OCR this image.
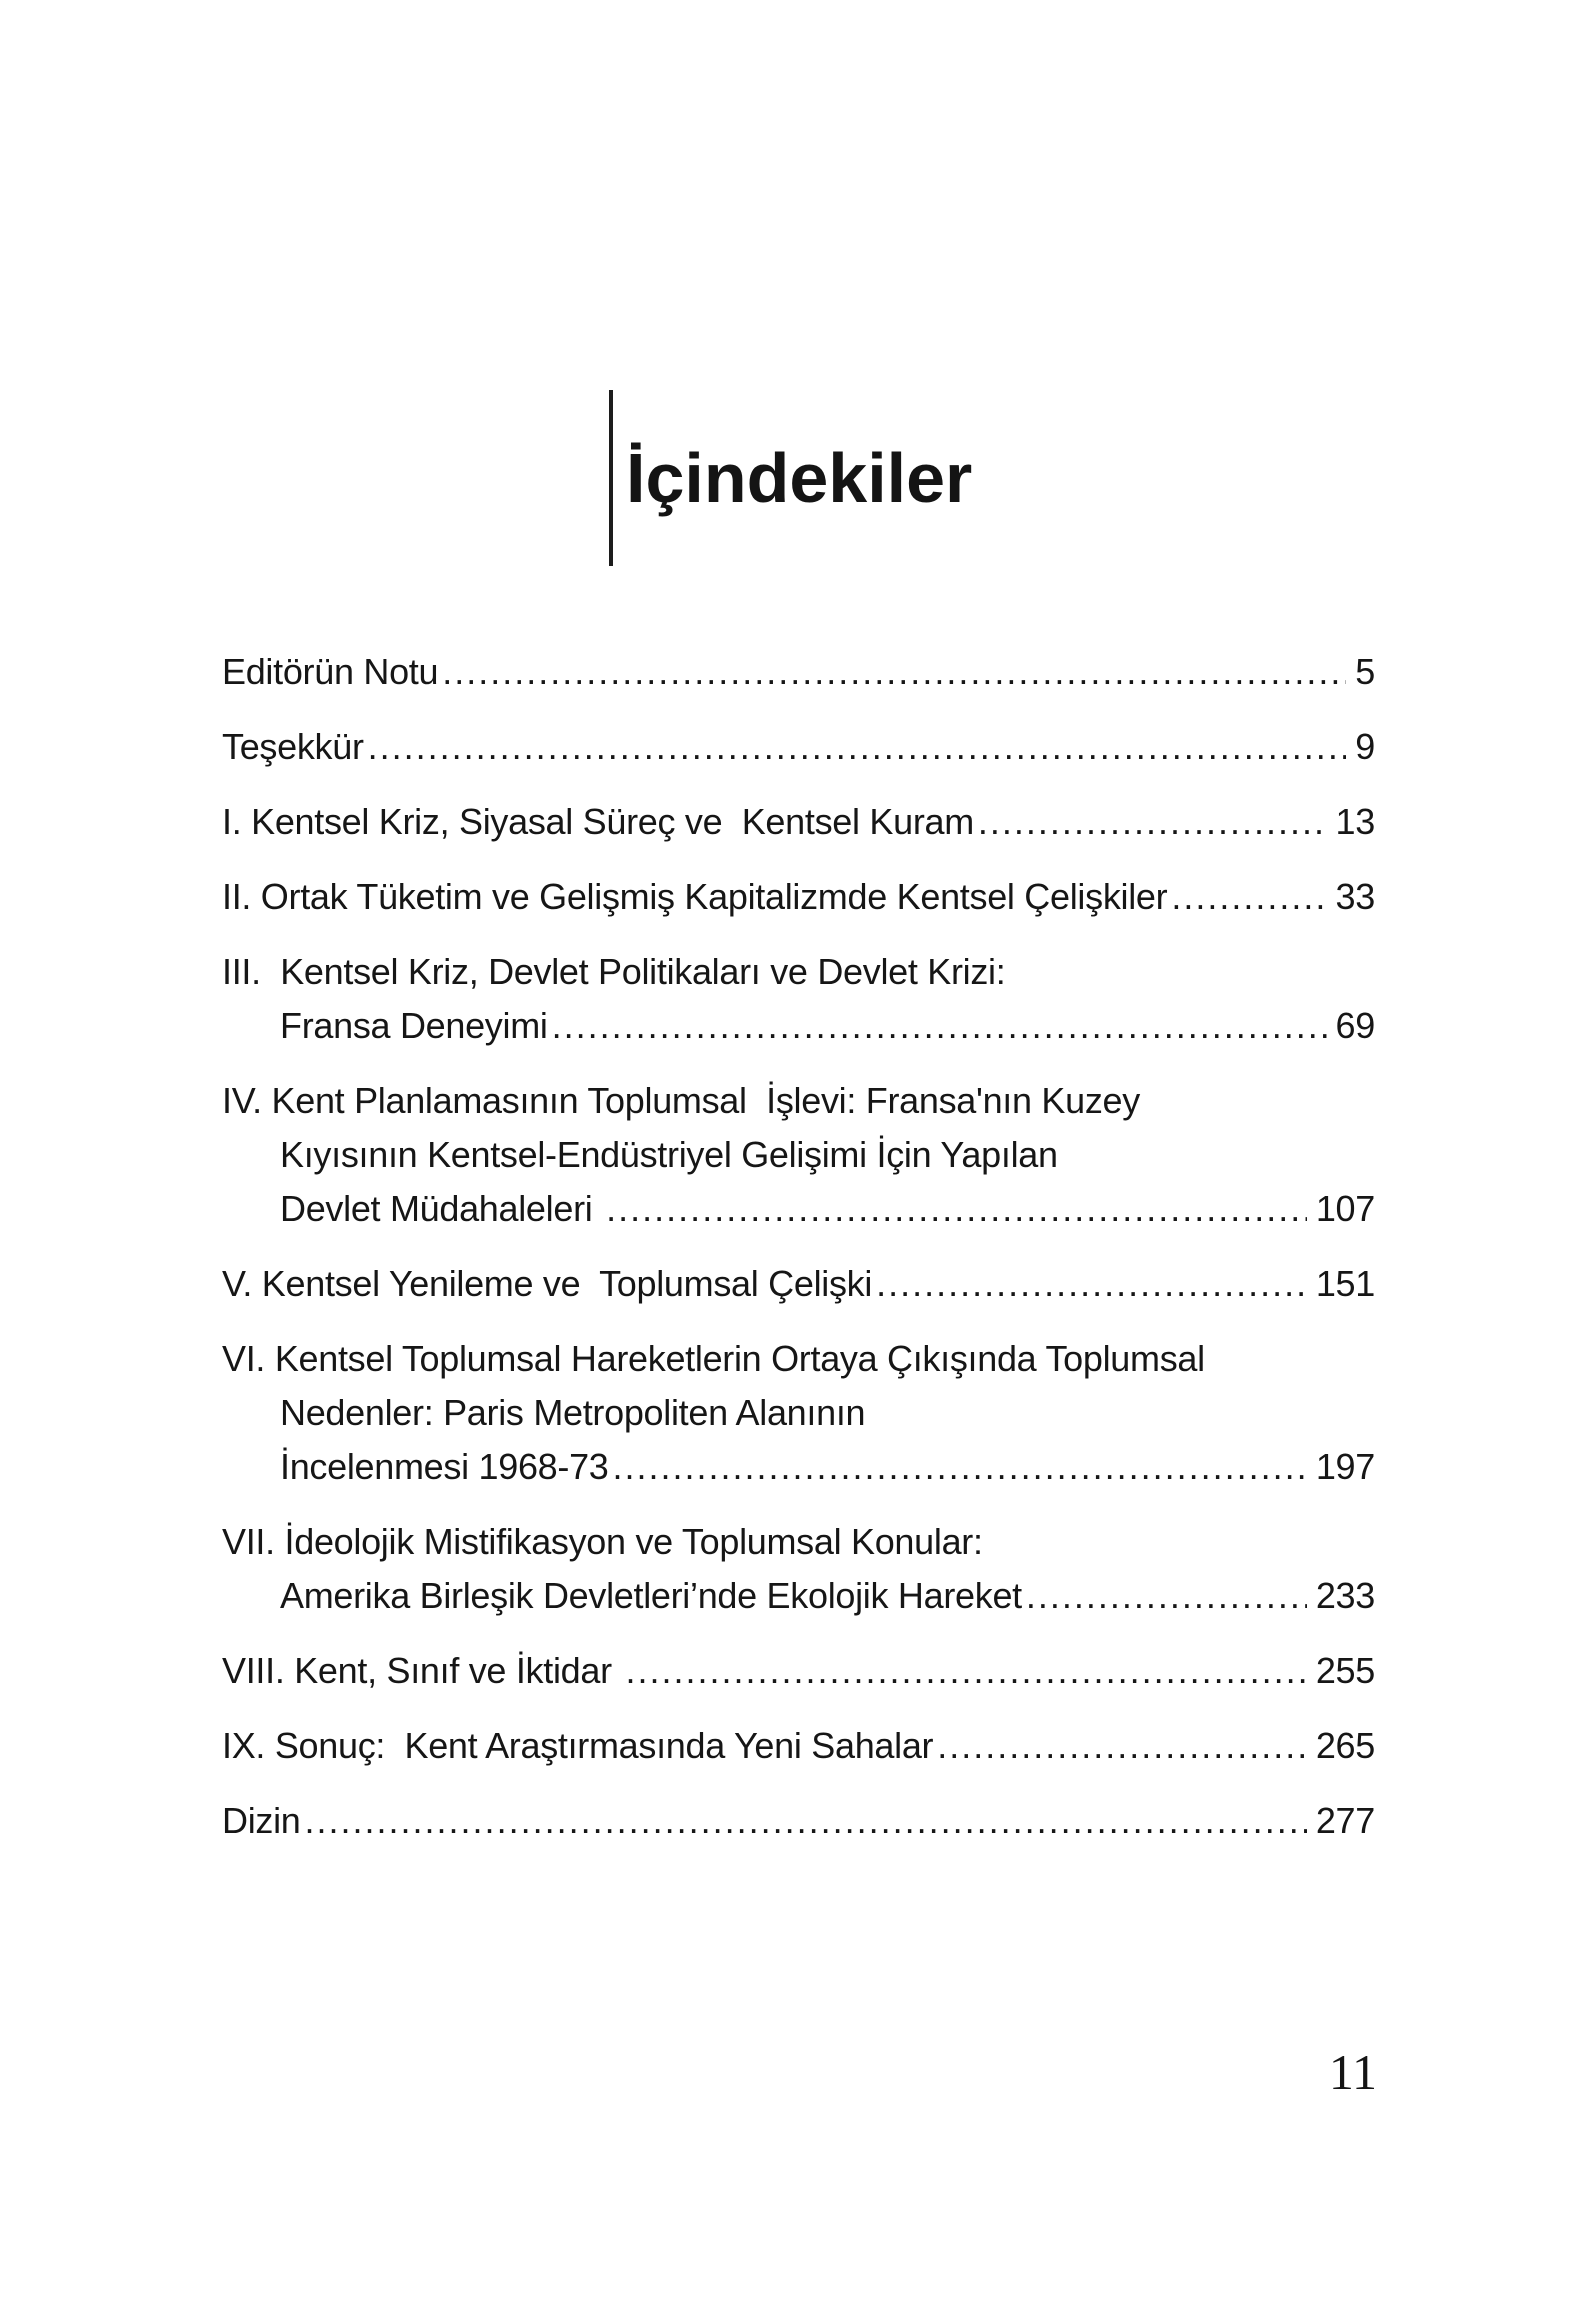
İçindekiler
Editörün Notu .....	5
Teşekkür .....	9
I. Kentsel Kriz, Siyasal Süreç ve  Kentsel Kuram .....	13
II. Ortak Tüketim ve Gelişmiş Kapitalizmde Kentsel Çelişkiler .....	33
III.  Kentsel Kriz, Devlet Politikaları ve Devlet Krizi:
Fransa Deneyimi .....	69
IV. Kent Planlamasının Toplumsal  İşlevi: Fransa'nın Kuzey
Kıyısının Kentsel-Endüstriyel Gelişimi İçin Yapılan
Devlet Müdahaleleri .....	107
V. Kentsel Yenileme ve  Toplumsal Çelişki .....	151
VI. Kentsel Toplumsal Hareketlerin Ortaya Çıkışında Toplumsal
Nedenler: Paris Metropoliten Alanının
İncelenmesi 1968-73 .....	197
VII. İdeolojik Mistifikasyon ve Toplumsal Konular:
Amerika Birleşik Devletleri’nde Ekolojik Hareket .....	233
VIII. Kent, Sınıf ve İktidar .....	255
IX. Sonuç:  Kent Araştırmasında Yeni Sahalar .....	265
Dizin .....	277
11
